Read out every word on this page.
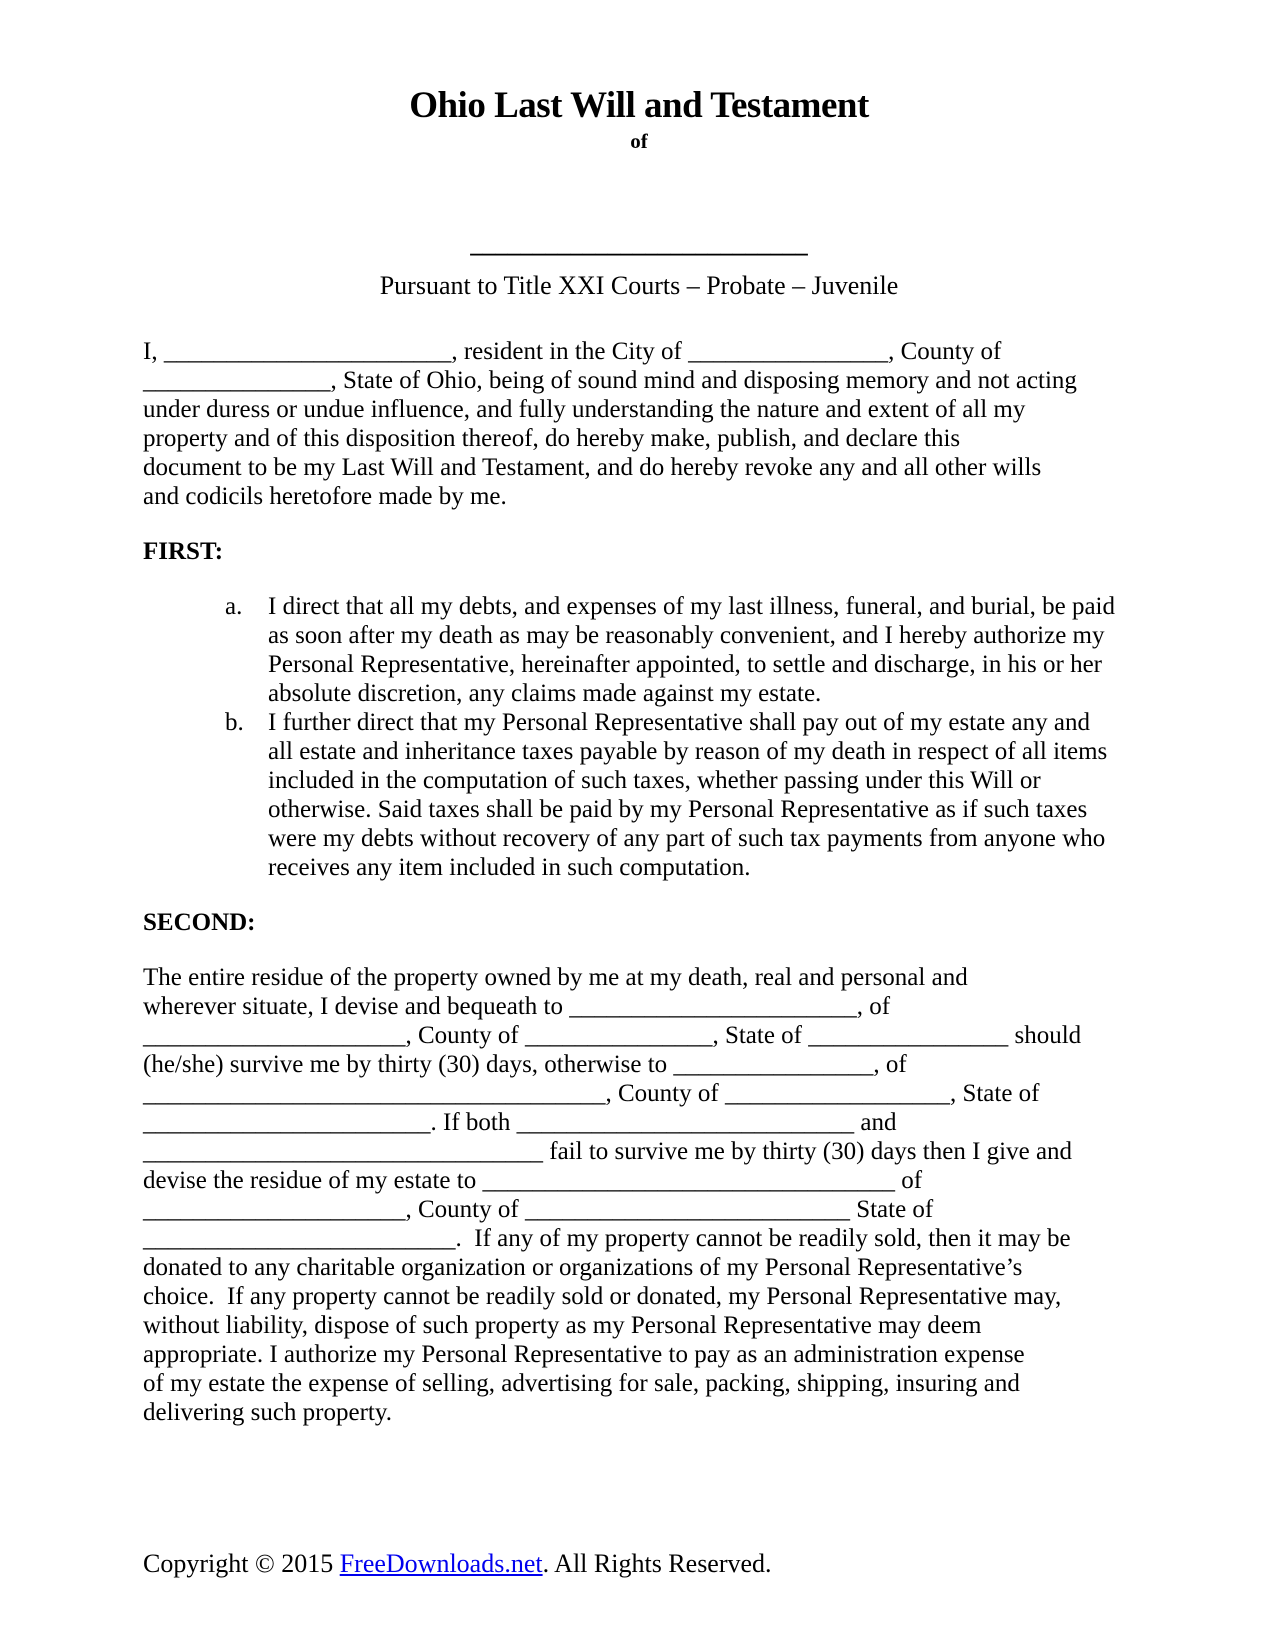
Ohio Last Will and Testament
of
___________________________
Pursuant to Title XXI Courts – Probate – Juvenile
I, _______________________, resident in the City of ________________, County of
_______________, State of Ohio, being of sound mind and disposing memory and not acting
under duress or undue influence, and fully understanding the nature and extent of all my
property and of this disposition thereof, do hereby make, publish, and declare this
document to be my Last Will and Testament, and do hereby revoke any and all other wills
and codicils heretofore made by me.
FIRST:
a.	I direct that all my debts, and expenses of my last illness, funeral, and burial, be paid
as soon after my death as may be reasonably convenient, and I hereby authorize my
Personal Representative, hereinafter appointed, to settle and discharge, in his or her
absolute discretion, any claims made against my estate.
b. I further direct that my Personal Representative shall pay out of my estate any and
all estate and inheritance taxes payable by reason of my death in respect of all items
included in the computation of such taxes, whether passing under this Will or
otherwise. Said taxes shall be paid by my Personal Representative as if such taxes
were my debts without recovery of any part of such tax payments from anyone who
receives any item included in such computation.
SECOND:
The entire residue of the property owned by me at my death, real and personal and
wherever situate, I devise and bequeath to _______________________, of
_____________________, County of _______________, State of ________________ should
(he/she) survive me by thirty (30) days, otherwise to ________________, of
_____________________________________, County of __________________, State of
_______________________. If both ___________________________ and
________________________________ fail to survive me by thirty (30) days then I give and
devise the residue of my estate to _________________________________ of
_____________________, County of __________________________ State of
_________________________.  If any of my property cannot be readily sold, then it may be
donated to any charitable organization or organizations of my Personal Representative’s
choice.  If any property cannot be readily sold or donated, my Personal Representative may,
without liability, dispose of such property as my Personal Representative may deem
appropriate. I authorize my Personal Representative to pay as an administration expense
of my estate the expense of selling, advertising for sale, packing, shipping, insuring and
delivering such property.
Copyright © 2015 FreeDownloads.net. All Rights Reserved.
